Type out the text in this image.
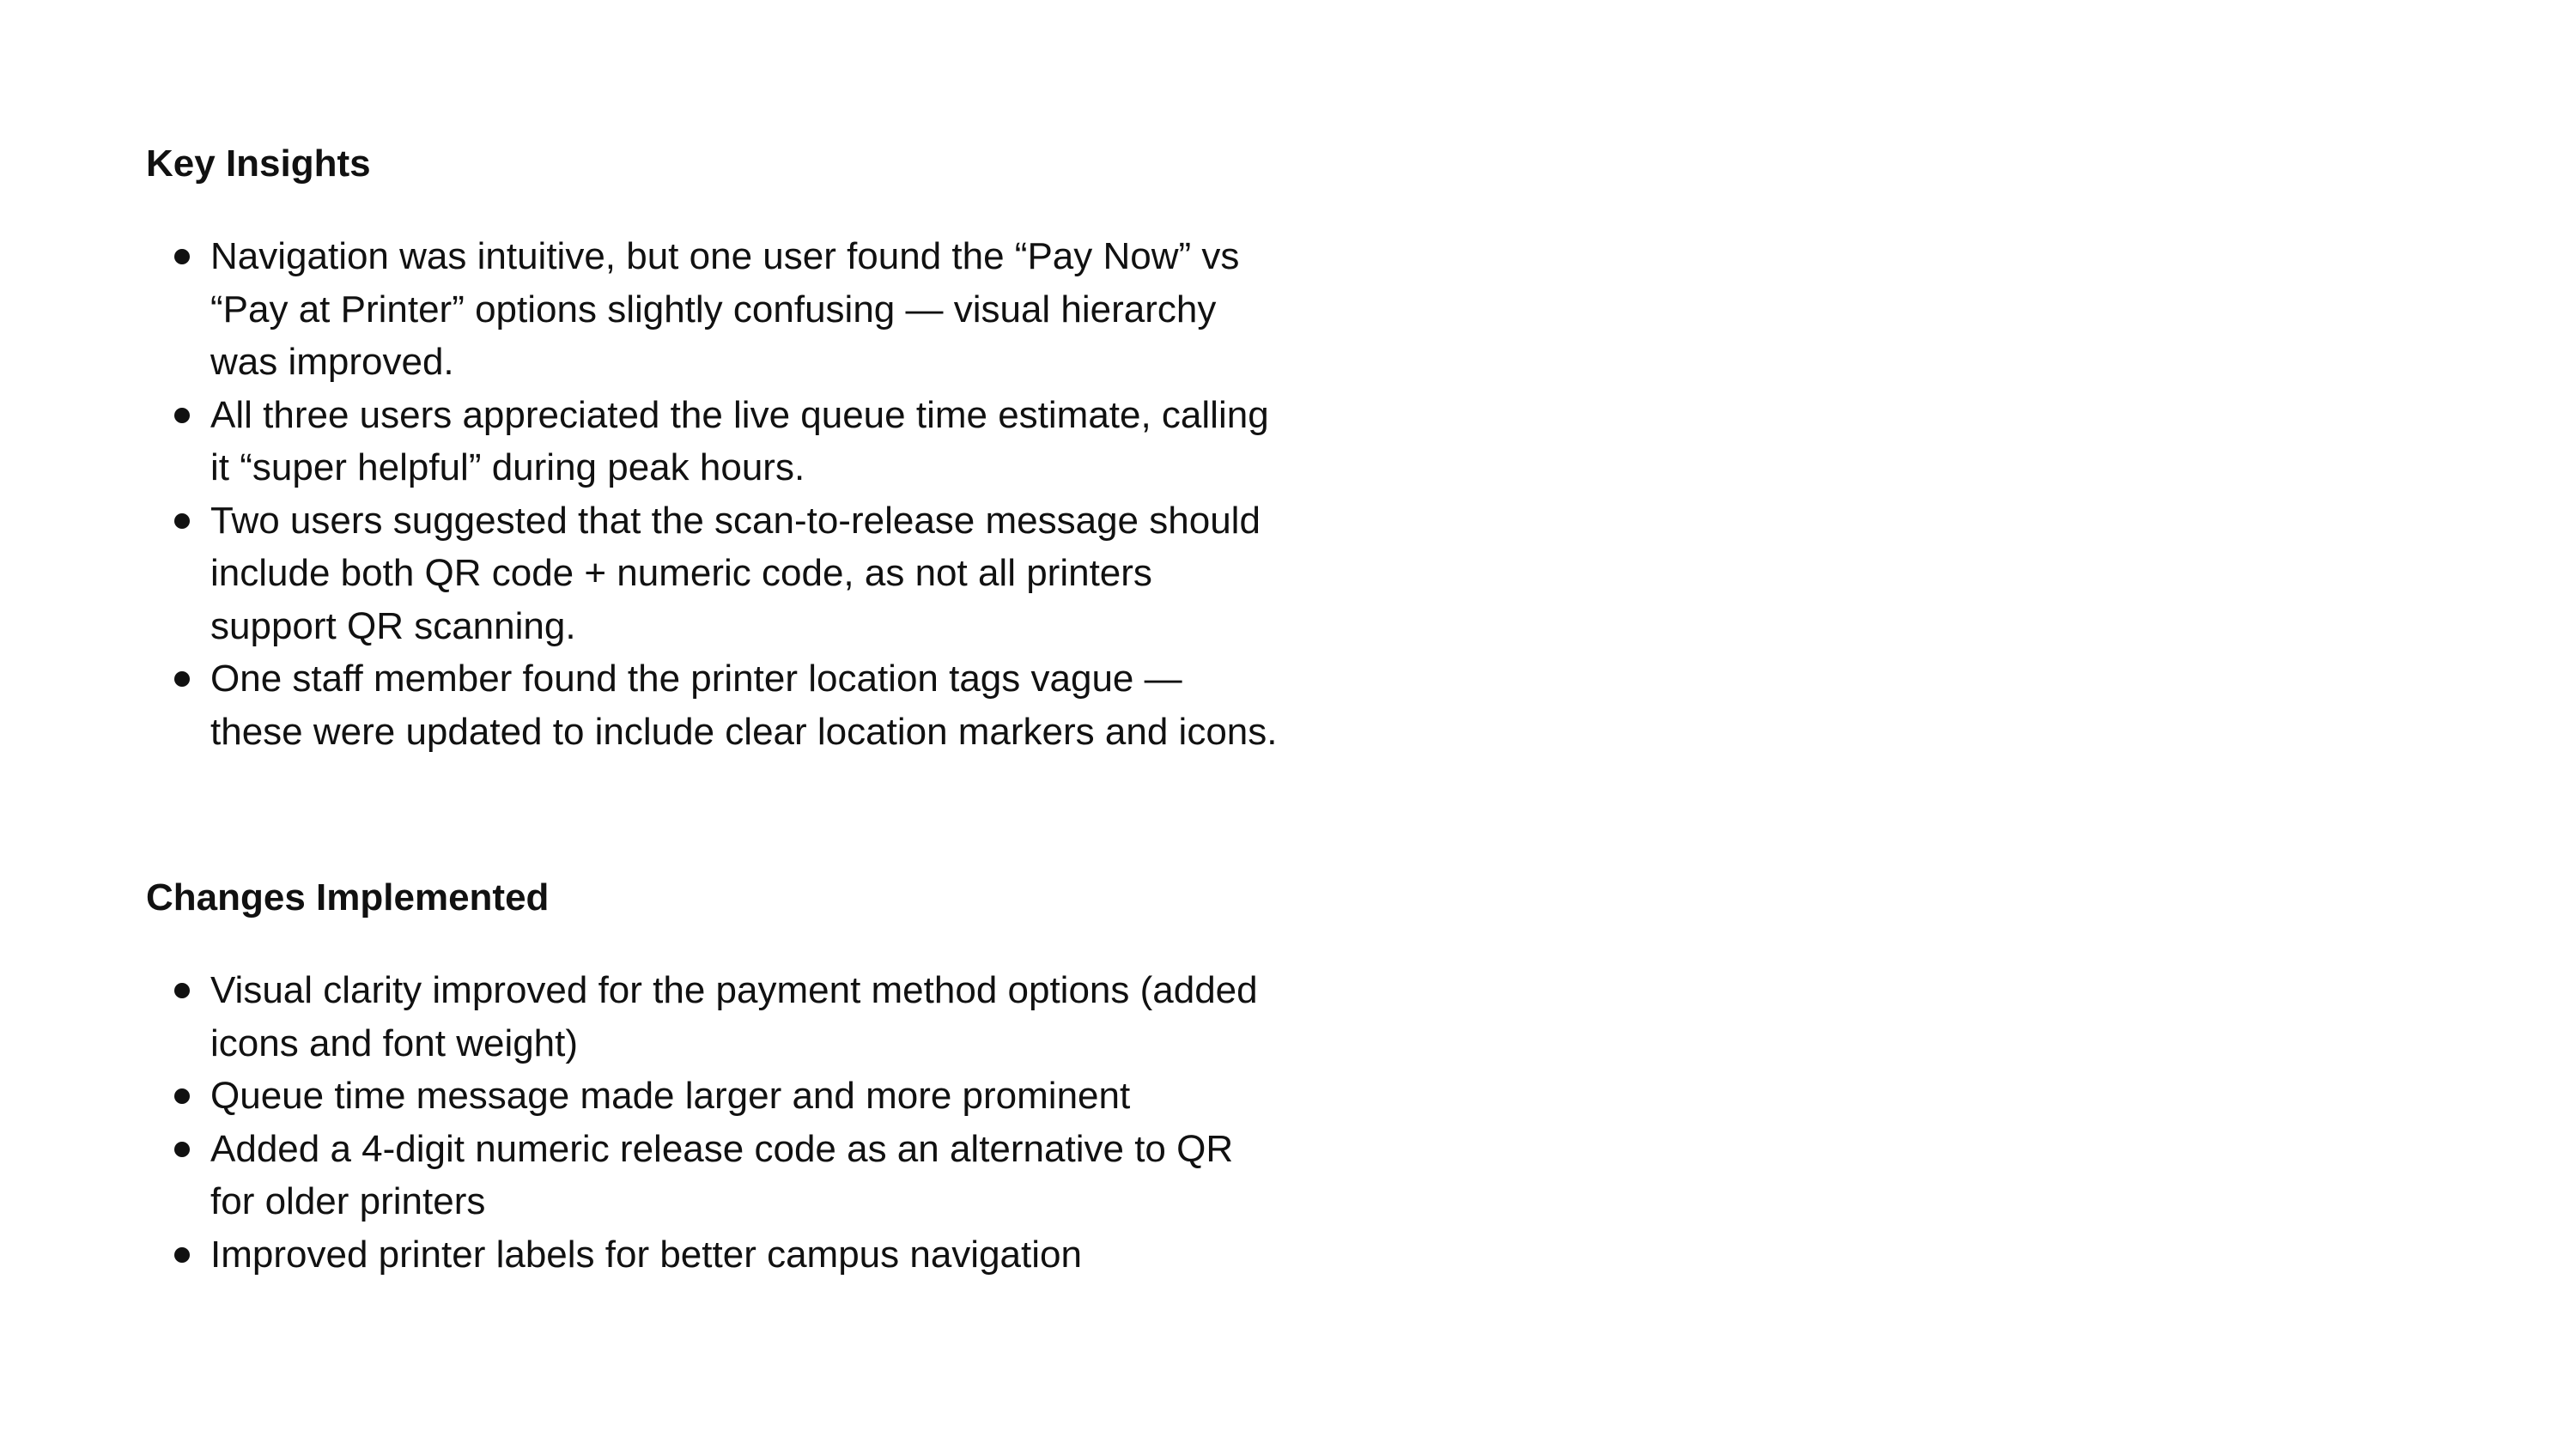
Key Insights
Navigation was intuitive, but one user found the “Pay Now” vs “Pay at Printer” options slightly confusing — visual hierarchy was improved.
All three users appreciated the live queue time estimate, calling it “super helpful” during peak hours.
Two users suggested that the scan-to-release message should include both QR code + numeric code, as not all printers support QR scanning.
One staff member found the printer location tags vague — these were updated to include clear location markers and icons.
Changes Implemented
Visual clarity improved for the payment method options (added icons and font weight)
Queue time message made larger and more prominent
Added a 4-digit numeric release code as an alternative to QR for older printers
Improved printer labels for better campus navigation
